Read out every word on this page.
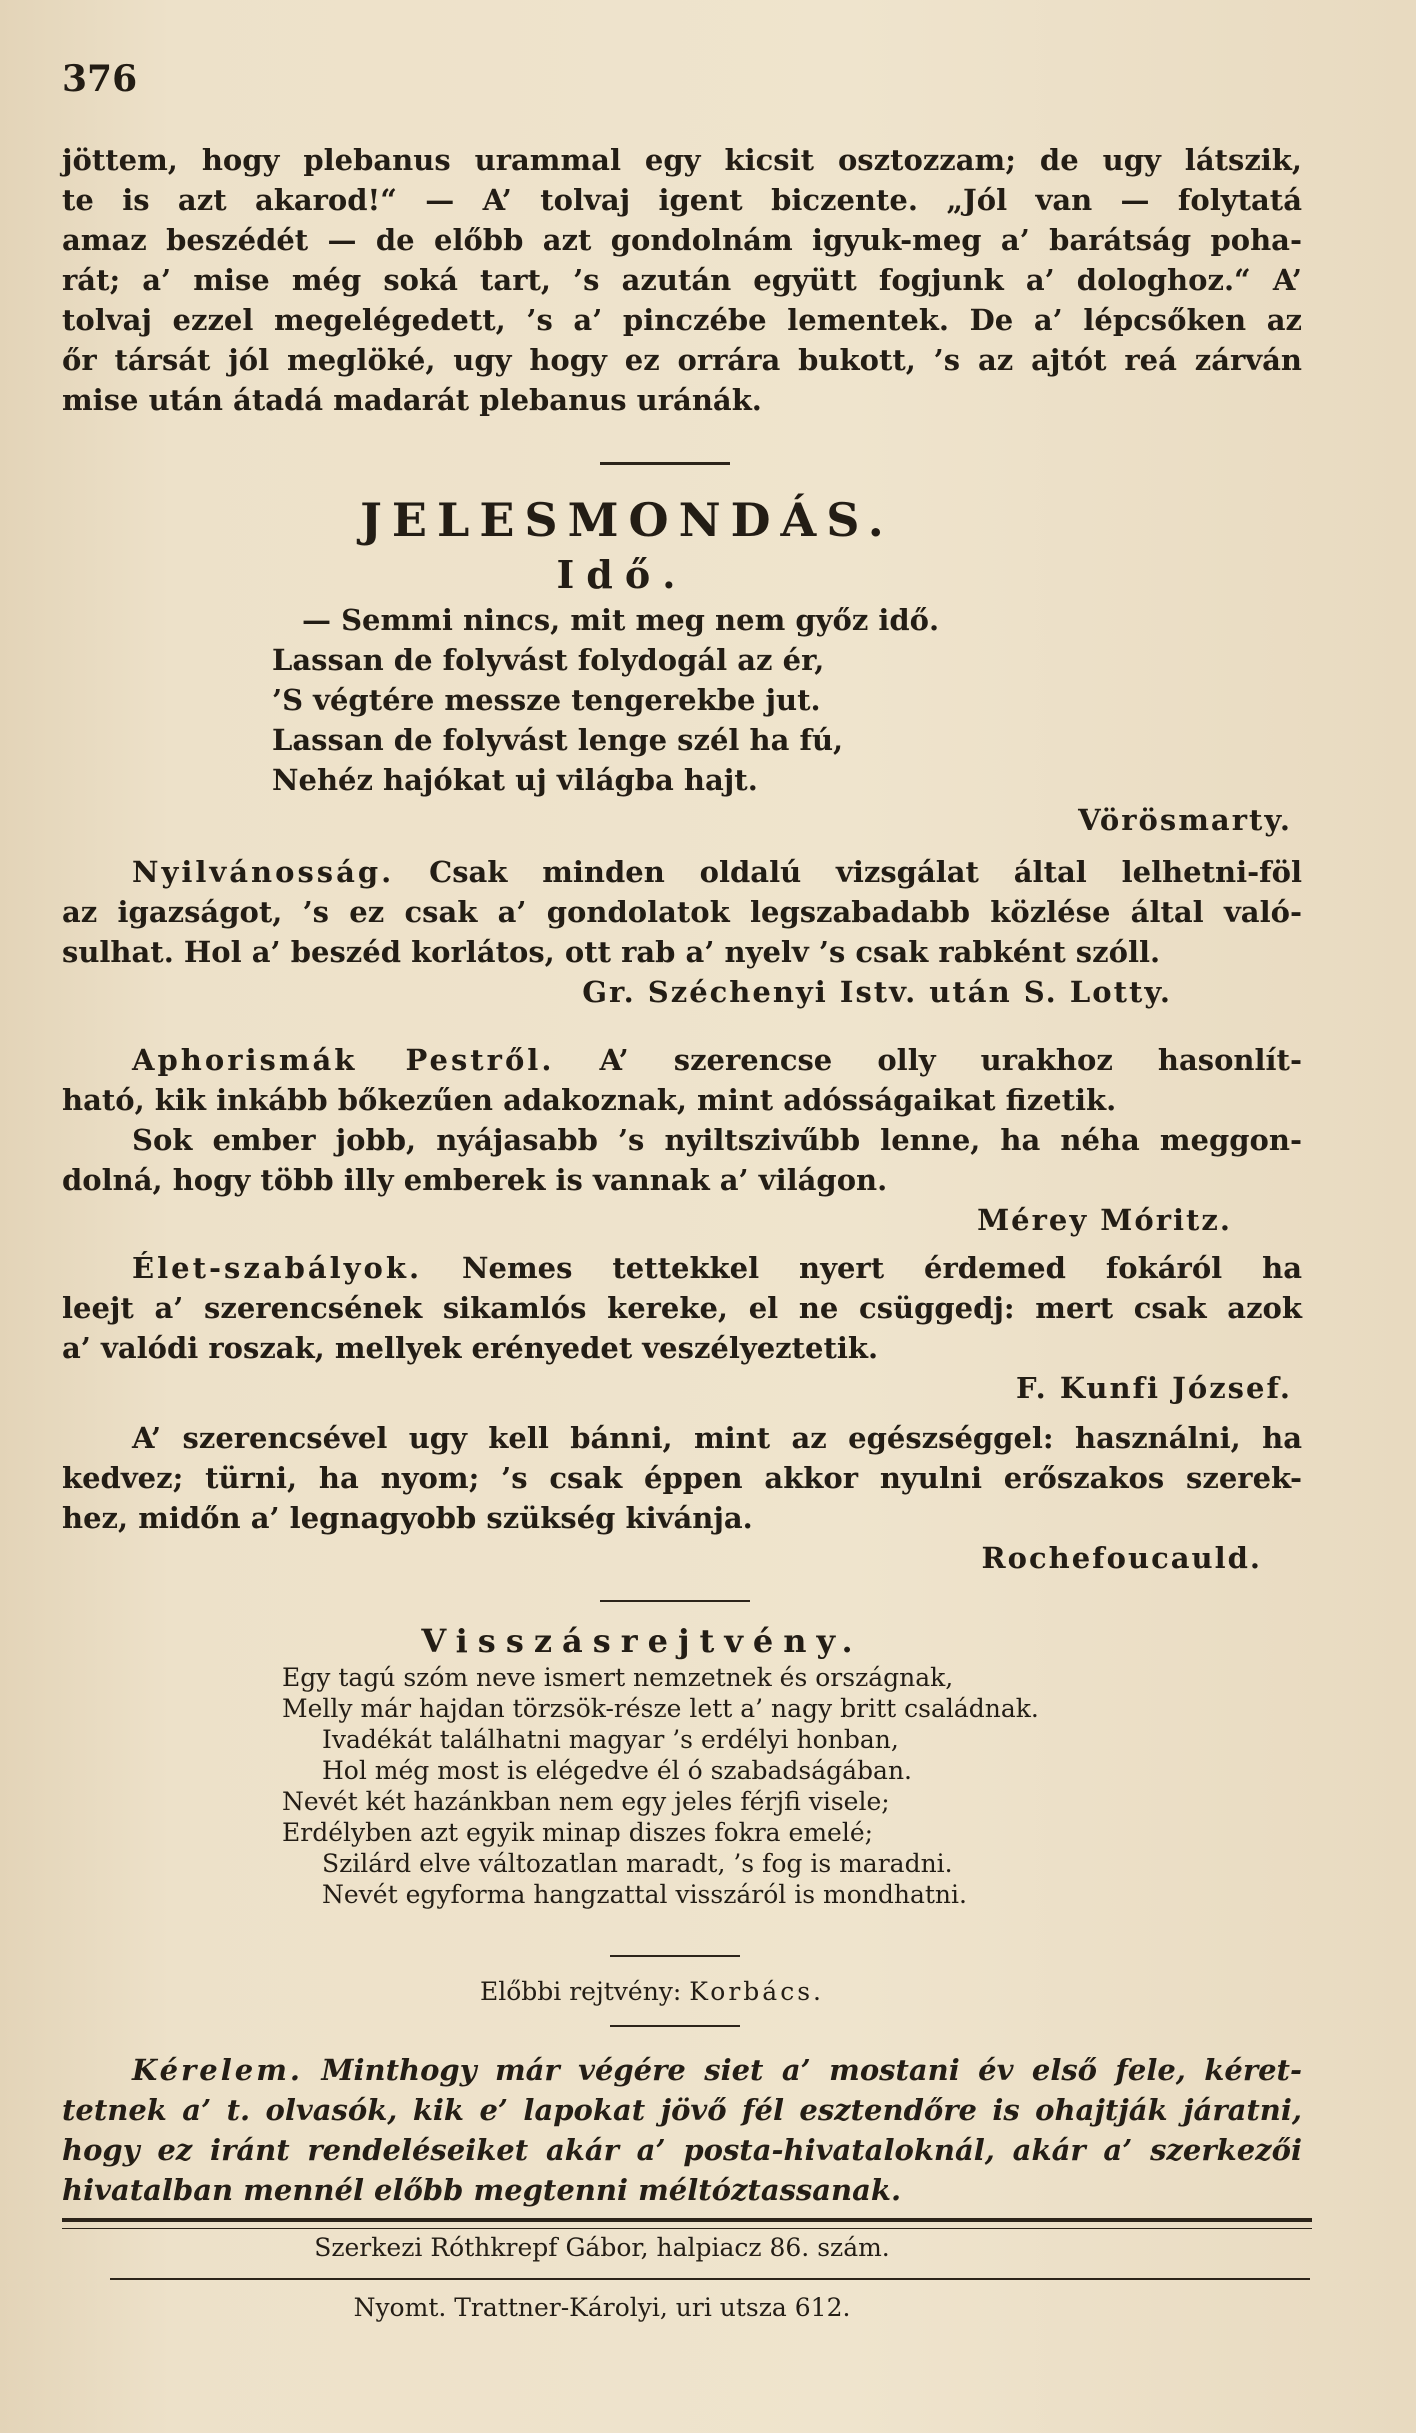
376
jöttem, hogy plebanus urammal egy kicsit osztozzam; de ugy látszik,
te is azt akarod!“ — A’ tolvaj igent biczente. „Jól van — folytatá
amaz beszédét — de előbb azt gondolnám igyuk-meg a’ barátság poha-
rát; a’ mise még soká tart, ’s azután együtt fogjunk a’ dologhoz.“ A’
tolvaj ezzel megelégedett, ’s a’ pinczébe lementek. De a’ lépcsőken az
őr társát jól meglöké, ugy hogy ez orrára bukott, ’s az ajtót reá zárván
mise után átadá madarát plebanus uránák.
JELESMONDÁS.
Idő.
— Semmi nincs, mit meg nem győz idő.
Lassan de folyvást folydogál az ér,
’S végtére messze tengerekbe jut.
Lassan de folyvást lenge szél ha fú,
Nehéz hajókat uj világba hajt.
Vörösmarty.
Nyilvánosság. Csak minden oldalú vizsgálat által lelhetni-föl
az igazságot, ’s ez csak a’ gondolatok legszabadabb közlése által való-
sulhat. Hol a’ beszéd korlátos, ott rab a’ nyelv ’s csak rabként szóll.
Gr. Széchenyi Istv. után S. Lotty.
Aphorismák Pestről. A’ szerencse olly urakhoz hasonlít-
ható, kik inkább bőkezűen adakoznak, mint adósságaikat fizetik.
Sok ember jobb, nyájasabb ’s nyiltszivűbb lenne, ha néha meggon-
dolná, hogy több illy emberek is vannak a’ világon.
Mérey Móritz.
Élet-szabályok. Nemes tettekkel nyert érdemed fokáról ha
leejt a’ szerencsének sikamlós kereke, el ne csüggedj: mert csak azok
a’ valódi roszak, mellyek erényedet veszélyeztetik.
F. Kunfi József.
A’ szerencsével ugy kell bánni, mint az egészséggel: használni, ha
kedvez; türni, ha nyom; ’s csak éppen akkor nyulni erőszakos szerek-
hez, midőn a’ legnagyobb szükség kivánja.
Rochefoucauld.
Visszásrejtvény.
Egy tagú szóm neve ismert nemzetnek és országnak,
Melly már hajdan törzsök-része lett a’ nagy britt családnak.
Ivadékát találhatni magyar ’s erdélyi honban,
Hol még most is elégedve él ó szabadságában.
Nevét két hazánkban nem egy jeles férjfi visele;
Erdélyben azt egyik minap diszes fokra emelé;
Szilárd elve változatlan maradt, ’s fog is maradni.
Nevét egyforma hangzattal visszáról is mondhatni.
Előbbi rejtvény: Korbács.
Kérelem. Minthogy már végére siet a’ mostani év első fele, kéret-
tetnek a’ t. olvasók, kik e’ lapokat jövő fél esztendőre is ohajtják járatni,
hogy ez iránt rendeléseiket akár a’ posta-hivataloknál, akár a’ szerkezői
hivatalban mennél előbb megtenni méltóztassanak.
Szerkezi Róthkrepf Gábor, halpiacz 86. szám.
Nyomt. Trattner-Károlyi, uri utsza 612.
